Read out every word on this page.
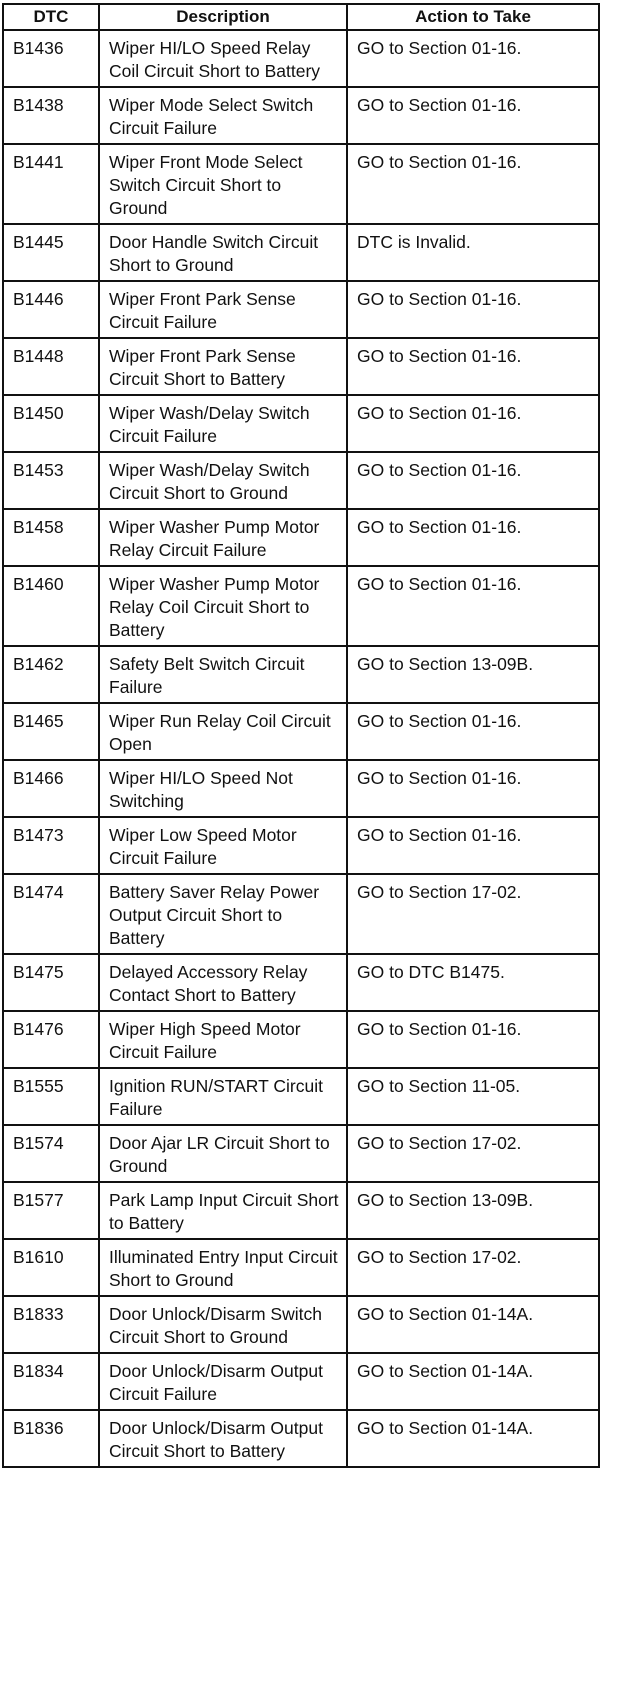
DTC	Description	Action to Take
B1436	Wiper HI/LO Speed Relay Coil Circuit Short to Battery	GO to Section 01-16.
B1438	Wiper Mode Select Switch Circuit Failure	GO to Section 01-16.
B1441	Wiper Front Mode Select Switch Circuit Short to Ground	GO to Section 01-16.
B1445	Door Handle Switch Circuit Short to Ground	DTC is Invalid.
B1446	Wiper Front Park Sense Circuit Failure	GO to Section 01-16.
B1448	Wiper Front Park Sense Circuit Short to Battery	GO to Section 01-16.
B1450	Wiper Wash/Delay Switch Circuit Failure	GO to Section 01-16.
B1453	Wiper Wash/Delay Switch Circuit Short to Ground	GO to Section 01-16.
B1458	Wiper Washer Pump Motor Relay Circuit Failure	GO to Section 01-16.
B1460	Wiper Washer Pump Motor Relay Coil Circuit Short to Battery	GO to Section 01-16.
B1462	Safety Belt Switch Circuit Failure	GO to Section 13-09B.
B1465	Wiper Run Relay Coil Circuit Open	GO to Section 01-16.
B1466	Wiper HI/LO Speed Not Switching	GO to Section 01-16.
B1473	Wiper Low Speed Motor Circuit Failure	GO to Section 01-16.
B1474	Battery Saver Relay Power Output Circuit Short to Battery	GO to Section 17-02.
B1475	Delayed Accessory Relay Contact Short to Battery	GO to DTC B1475.
B1476	Wiper High Speed Motor Circuit Failure	GO to Section 01-16.
B1555	Ignition RUN/START Circuit Failure	GO to Section 11-05.
B1574	Door Ajar LR Circuit Short to Ground	GO to Section 17-02.
B1577	Park Lamp Input Circuit Short to Battery	GO to Section 13-09B.
B1610	Illuminated Entry Input Circuit Short to Ground	GO to Section 17-02.
B1833	Door Unlock/Disarm Switch Circuit Short to Ground	GO to Section 01-14A.
B1834	Door Unlock/Disarm Output Circuit Failure	GO to Section 01-14A.
B1836	Door Unlock/Disarm Output Circuit Short to Battery	GO to Section 01-14A.
